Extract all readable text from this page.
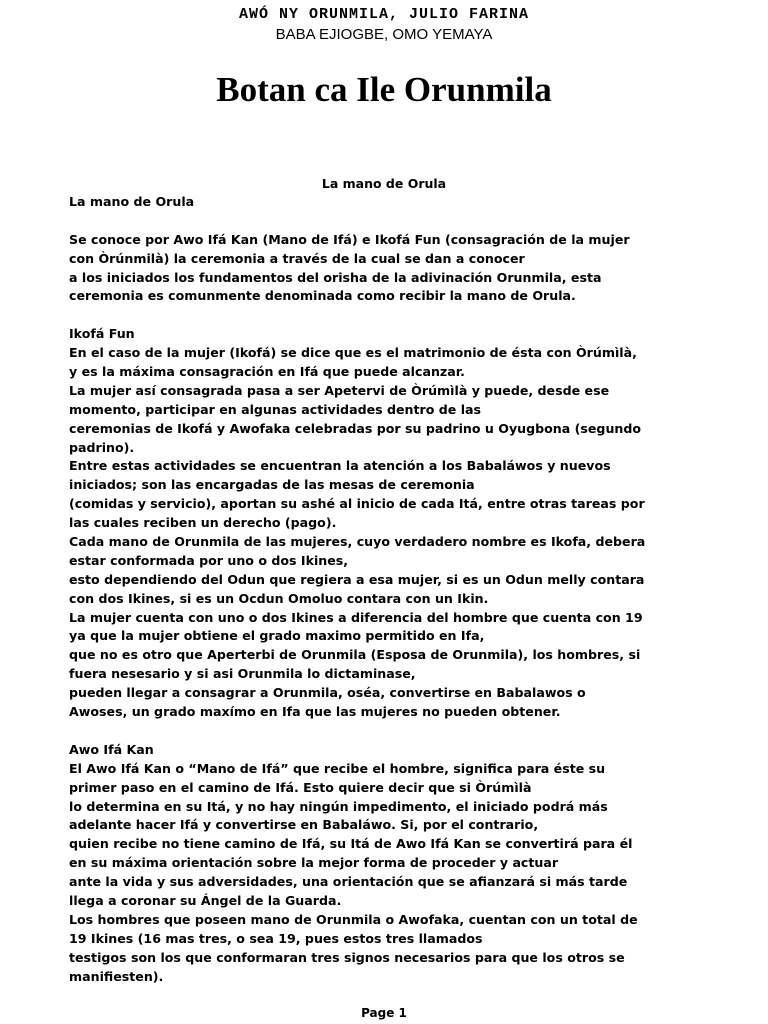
AWÓ NY ORUNMILA, JULIO FARINA
BABA EJIOGBE, OMO YEMAYA
Botan ca Ile Orunmila
La mano de Orula
La mano de Orula
Se conoce por Awo Ifá Kan (Mano de Ifá) e Ikofá Fun (consagración de la mujer
con Òrúnmilà) la ceremonia a través de la cual se dan a conocer
a los iniciados los fundamentos del orisha de la adivinación Orunmila, esta
ceremonia es comunmente denominada como recibir la mano de Orula.
Ikofá Fun
En el caso de la mujer (Ikofá) se dice que es el matrimonio de ésta con Òrúmìlà,
y es la máxima consagración en Ifá que puede alcanzar.
La mujer así consagrada pasa a ser Apetervi de Òrúmìlà y puede, desde ese
momento, participar en algunas actividades dentro de las
ceremonias de Ikofá y Awofaka celebradas por su padrino u Oyugbona (segundo
padrino).
Entre estas actividades se encuentran la atención a los Babaláwos y nuevos
iniciados; son las encargadas de las mesas de ceremonia
(comidas y servicio), aportan su ashé al inicio de cada Itá, entre otras tareas por
las cuales reciben un derecho (pago).
Cada mano de Orunmila de las mujeres, cuyo verdadero nombre es Ikofa, debera
estar conformada por uno o dos Ikines,
esto dependiendo del Odun que regiera a esa mujer, si es un Odun melly contara
con dos Ikines, si es un Ocdun Omoluo contara con un Ikin.
La mujer cuenta con uno o dos Ikines a diferencia del hombre que cuenta con 19
ya que la mujer obtiene el grado maximo permitido en Ifa,
que no es otro que Aperterbi de Orunmila (Esposa de Orunmila), los hombres, si
fuera nesesario y si asi Orunmila lo dictaminase,
pueden llegar a consagrar a Orunmila, oséa, convertirse en Babalawos o
Awoses, un grado maxímo en Ifa que las mujeres no pueden obtener.
Awo Ifá Kan
El Awo Ifá Kan o “Mano de Ifá” que recibe el hombre, significa para éste su
primer paso en el camino de Ifá. Esto quiere decir que si Òrúmìlà
lo determina en su Itá, y no hay ningún impedimento, el iniciado podrá más
adelante hacer Ifá y convertirse en Babaláwo. Si, por el contrario,
quien recibe no tiene camino de Ifá, su Itá de Awo Ifá Kan se convertirá para él
en su máxima orientación sobre la mejor forma de proceder y actuar
ante la vida y sus adversidades, una orientación que se afianzará si más tarde
llega a coronar su Ángel de la Guarda.
Los hombres que poseen mano de Orunmila o Awofaka, cuentan con un total de
19 Ikines (16 mas tres, o sea 19, pues estos tres llamados
testigos son los que conformaran tres signos necesarios para que los otros se
manifiesten).
Page 1
